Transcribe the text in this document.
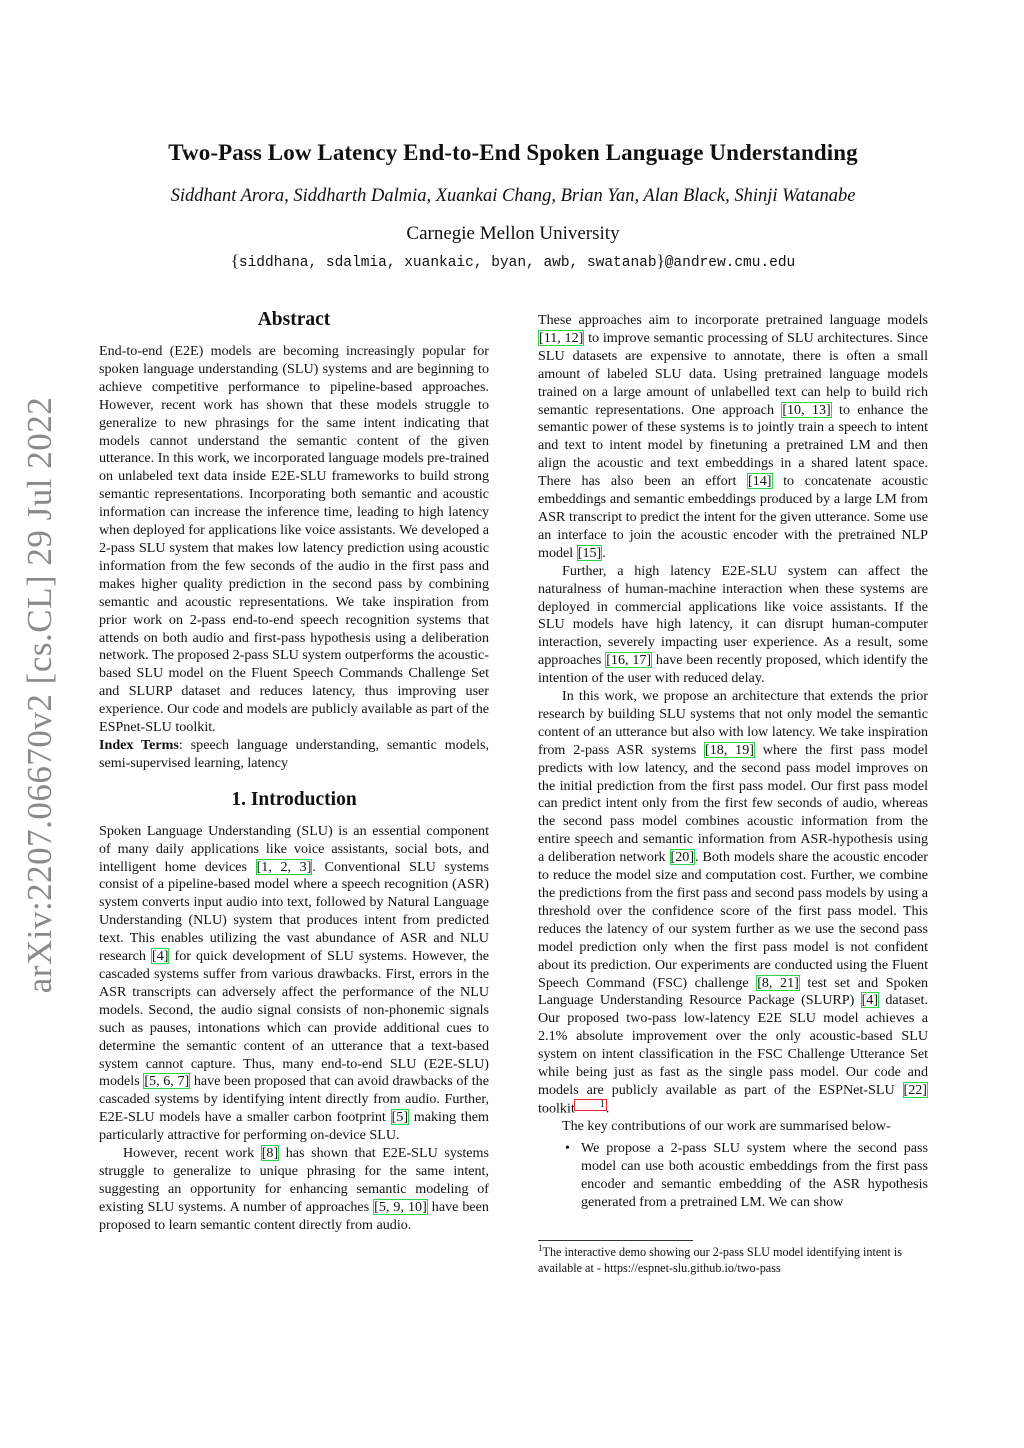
arXiv:2207.06670v2 [cs.CL] 29 Jul 2022
Two-Pass Low Latency End-to-End Spoken Language Understanding
Siddhant Arora, Siddharth Dalmia, Xuankai Chang, Brian Yan, Alan Black, Shinji Watanabe
Carnegie Mellon University
{siddhana, sdalmia, xuankaic, byan, awb, swatanab}@andrew.cmu.edu
Abstract

End-to-end (E2E) models are becoming increasingly popular for spoken language understanding (SLU) systems and are beginning to achieve competitive performance to pipeline-based approaches. However, recent work has shown that these models struggle to generalize to new phrasings for the same intent indicating that models cannot understand the semantic content of the given utterance. In this work, we incorporated language models pre-trained on unlabeled text data inside E2E-SLU frameworks to build strong semantic representations. Incorporating both semantic and acoustic information can increase the inference time, leading to high latency when deployed for applications like voice assistants. We developed a 2-pass SLU system that makes low latency prediction using acoustic information from the few seconds of the audio in the first pass and makes higher quality prediction in the second pass by combining semantic and acoustic representations. We take inspiration from prior work on 2-pass end-to-end speech recognition systems that attends on both audio and first-pass hypothesis using a deliberation network. The proposed 2-pass SLU system outperforms the acoustic-based SLU model on the Fluent Speech Commands Challenge Set and SLURP dataset and reduces latency, thus improving user experience. Our code and models are publicly available as part of the ESPnet-SLU toolkit.

Index Terms: speech language understanding, semantic models, semi-supervised learning, latency

1. Introduction

Spoken Language Understanding (SLU) is an essential component of many daily applications like voice assistants, social bots, and intelligent home devices [1, 2, 3]. Conventional SLU systems consist of a pipeline-based model where a speech recognition (ASR) system converts input audio into text, followed by Natural Language Understanding (NLU) system that produces intent from predicted text. This enables utilizing the vast abundance of ASR and NLU research [4] for quick development of SLU systems. However, the cascaded systems suffer from various drawbacks. First, errors in the ASR transcripts can adversely affect the performance of the NLU models. Second, the audio signal consists of non-phonemic signals such as pauses, intonations which can provide additional cues to determine the semantic content of an utterance that a text-based system cannot capture. Thus, many end-to-end SLU (E2E-SLU) models [5, 6, 7] have been proposed that can avoid drawbacks of the cascaded systems by identifying intent directly from audio. Further, E2E-SLU models have a smaller carbon footprint [5] making them particularly attractive for performing on-device SLU.

However, recent work [8] has shown that E2E-SLU systems struggle to generalize to unique phrasing for the same intent, suggesting an opportunity for enhancing semantic modeling of existing SLU systems. A number of approaches [5, 9, 10] have been proposed to learn semantic content directly from audio.

These approaches aim to incorporate pretrained language models [11, 12] to improve semantic processing of SLU architectures. Since SLU datasets are expensive to annotate, there is often a small amount of labeled SLU data. Using pretrained language models trained on a large amount of unlabelled text can help to build rich semantic representations. One approach [10, 13] to enhance the semantic power of these systems is to jointly train a speech to intent and text to intent model by finetuning a pretrained LM and then align the acoustic and text embeddings in a shared latent space. There has also been an effort [14] to concatenate acoustic embeddings and semantic embeddings produced by a large LM from ASR transcript to predict the intent for the given utterance. Some use an interface to join the acoustic encoder with the pretrained NLP model [15].

Further, a high latency E2E-SLU system can affect the naturalness of human-machine interaction when these systems are deployed in commercial applications like voice assistants. If the SLU models have high latency, it can disrupt human-computer interaction, severely impacting user experience. As a result, some approaches [16, 17] have been recently proposed, which identify the intention of the user with reduced delay.

In this work, we propose an architecture that extends the prior research by building SLU systems that not only model the semantic content of an utterance but also with low latency. We take inspiration from 2-pass ASR systems [18, 19] where the first pass model predicts with low latency, and the second pass model improves on the initial prediction from the first pass model. Our first pass model can predict intent only from the first few seconds of audio, whereas the second pass model combines acoustic information from the entire speech and semantic information from ASR-hypothesis using a deliberation network [20]. Both models share the acoustic encoder to reduce the model size and computation cost. Further, we combine the predictions from the first pass and second pass models by using a threshold over the confidence score of the first pass model. This reduces the latency of our system further as we use the second pass model prediction only when the first pass model is not confident about its prediction. Our experiments are conducted using the Fluent Speech Command (FSC) challenge [8, 21] test set and Spoken Language Understanding Resource Package (SLURP) [4] dataset. Our proposed two-pass low-latency E2E SLU model achieves a 2.1% absolute improvement over the only acoustic-based SLU system on intent classification in the FSC Challenge Utterance Set while being just as fast as the single pass model. Our code and models are publicly available as part of the ESPNet-SLU [22] toolkit	1.

The key contributions of our work are summarised below-

• We propose a 2-pass SLU system where the second pass model can use both acoustic embeddings from the first pass encoder and semantic embedding of the ASR hypothesis generated from a pretrained LM. We can show
$^1$The interactive demo showing our 2-pass SLU model identifying intent is available at - https://espnet-slu.github.io/two-pass
